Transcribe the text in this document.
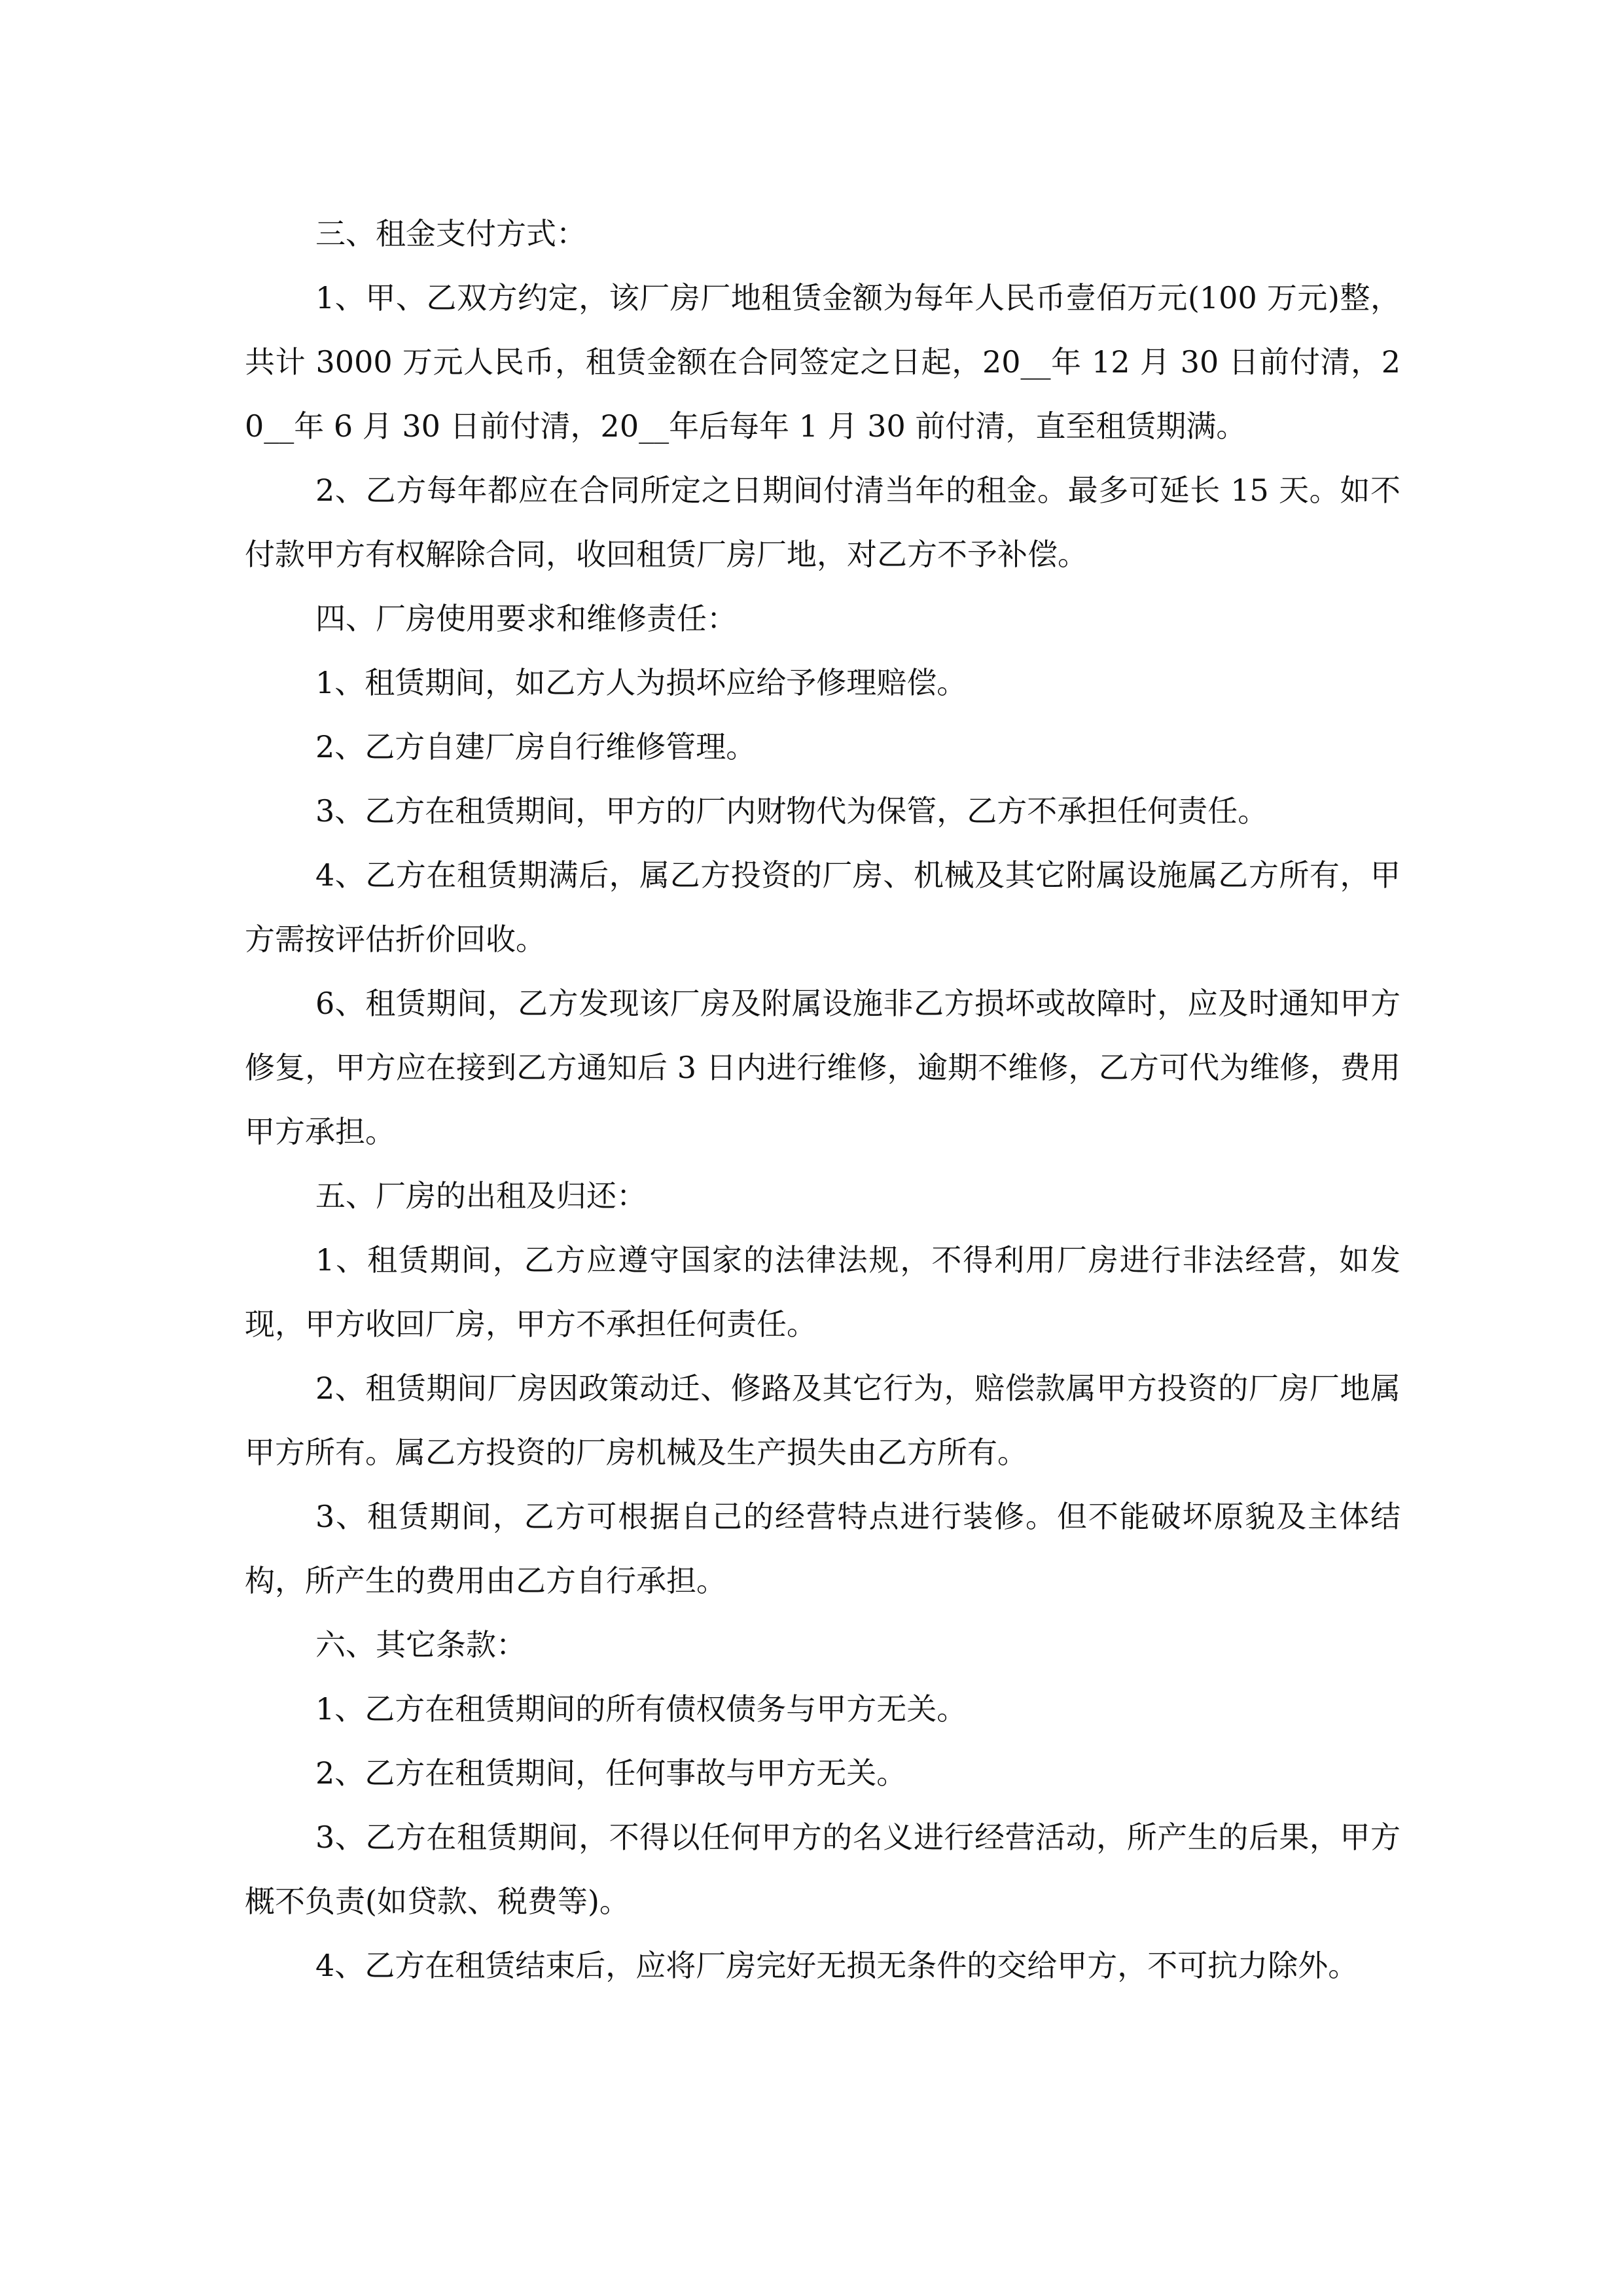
三、租金支付方式：

1、甲、乙双方约定，该厂房厂地租赁金额为每年人民币壹佰万元(100 万元)整，共计 3000 万元人民币，租赁金额在合同签定之日起，20__年 12 月 30 日前付清，20__年 6 月 30 日前付清，20__年后每年 1 月 30 前付清，直至租赁期满。

2、乙方每年都应在合同所定之日期间付清当年的租金。最多可延长 15 天。如不付款甲方有权解除合同，收回租赁厂房厂地，对乙方不予补偿。

四、厂房使用要求和维修责任：

1、租赁期间，如乙方人为损坏应给予修理赔偿。

2、乙方自建厂房自行维修管理。

3、乙方在租赁期间，甲方的厂内财物代为保管，乙方不承担任何责任。

4、乙方在租赁期满后，属乙方投资的厂房、机械及其它附属设施属乙方所有，甲方需按评估折价回收。

6、租赁期间，乙方发现该厂房及附属设施非乙方损坏或故障时，应及时通知甲方修复，甲方应在接到乙方通知后 3 日内进行维修，逾期不维修，乙方可代为维修，费用甲方承担。

五、厂房的出租及归还：

1、租赁期间，乙方应遵守国家的法律法规，不得利用厂房进行非法经营，如发现，甲方收回厂房，甲方不承担任何责任。

2、租赁期间厂房因政策动迁、修路及其它行为，赔偿款属甲方投资的厂房厂地属甲方所有。属乙方投资的厂房机械及生产损失由乙方所有。

3、租赁期间，乙方可根据自己的经营特点进行装修。但不能破坏原貌及主体结构，所产生的费用由乙方自行承担。

六、其它条款：

1、乙方在租赁期间的所有债权债务与甲方无关。

2、乙方在租赁期间，任何事故与甲方无关。

3、乙方在租赁期间，不得以任何甲方的名义进行经营活动，所产生的后果，甲方概不负责(如贷款、税费等)。

4、乙方在租赁结束后，应将厂房完好无损无条件的交给甲方，不可抗力除外。
